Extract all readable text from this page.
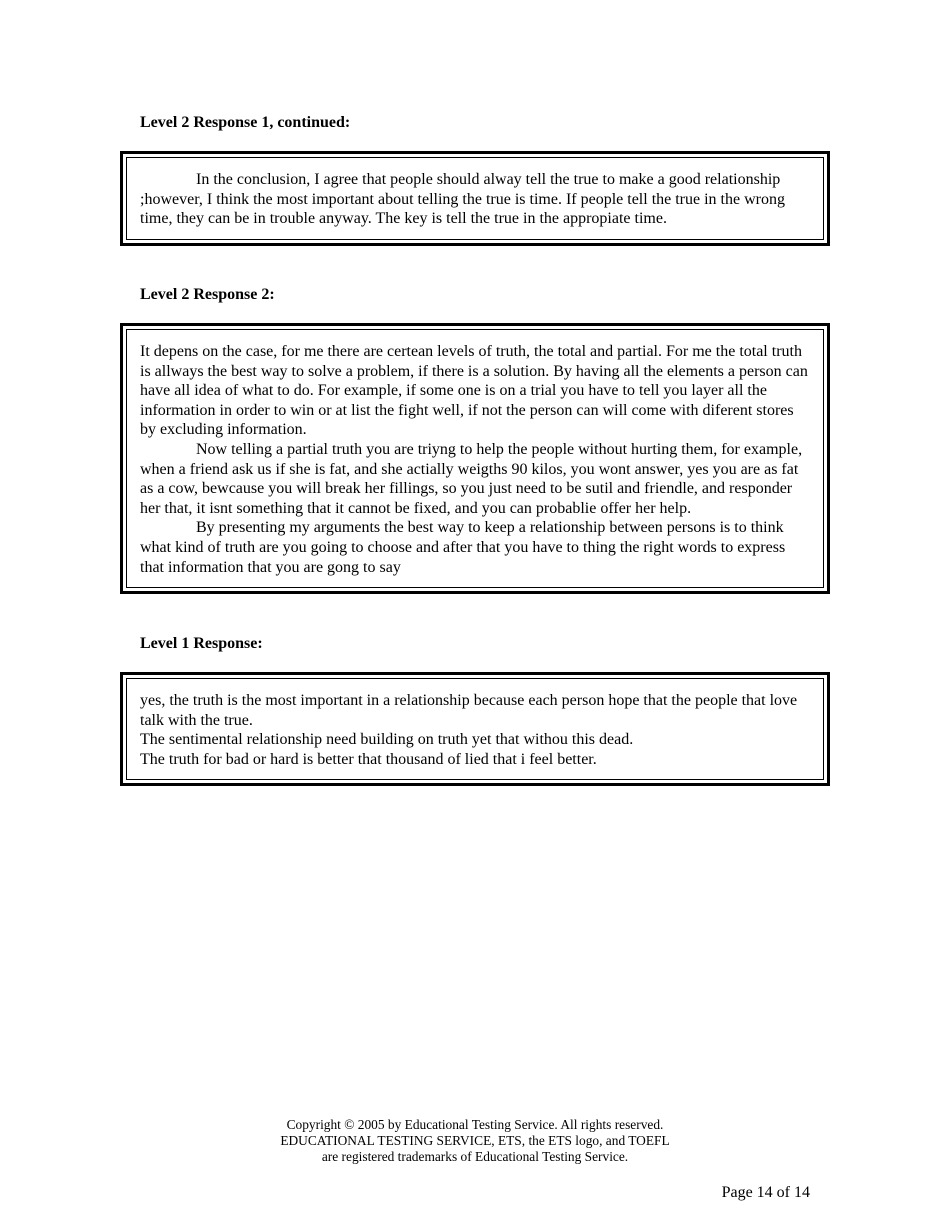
Level 2 Response 1, continued:

In the conclusion, I agree that people should alway tell the true to make a good relationship ;however, I think the most important about telling the true is time. If people tell the true in the wrong time, they can be in trouble anyway. The key is tell the true in the appropiate time.

Level 2 Response 2:

It depens on the case, for me there are certean levels of truth, the total and partial. For me the total truth is allways the best way to solve a problem, if there is a solution. By having all the elements a person can have all idea of what to do. For example, if some one is on a trial you have to tell you layer all the information in order to win or at list the fight well, if not the person can will come with diferent stores by excluding information.

Now telling a partial truth you are triyng to help the people without hurting them, for example, when a friend ask us if she is fat, and she actially weigths 90 kilos, you wont answer, yes you are as fat as a cow, bewcause you will break her fillings, so you just need to be sutil and friendle, and responder her that, it isnt something that it cannot be fixed, and you can probablie offer her help.

By presenting my arguments the best way to keep a relationship between persons is to think what kind of truth are you going to choose and after that you have to thing the right words to express that information that you are gong to say

Level 1 Response:

yes, the truth is the most important in a relationship because each person hope that the people that love talk with the true.

The sentimental relationship need building on truth yet that withou this dead.

The truth for bad or hard is better that thousand of lied that i feel better.

Copyright © 2005 by Educational Testing Service. All rights reserved.
EDUCATIONAL TESTING SERVICE, ETS, the ETS logo, and TOEFL
are registered trademarks of Educational Testing Service.
Page 14 of 14
